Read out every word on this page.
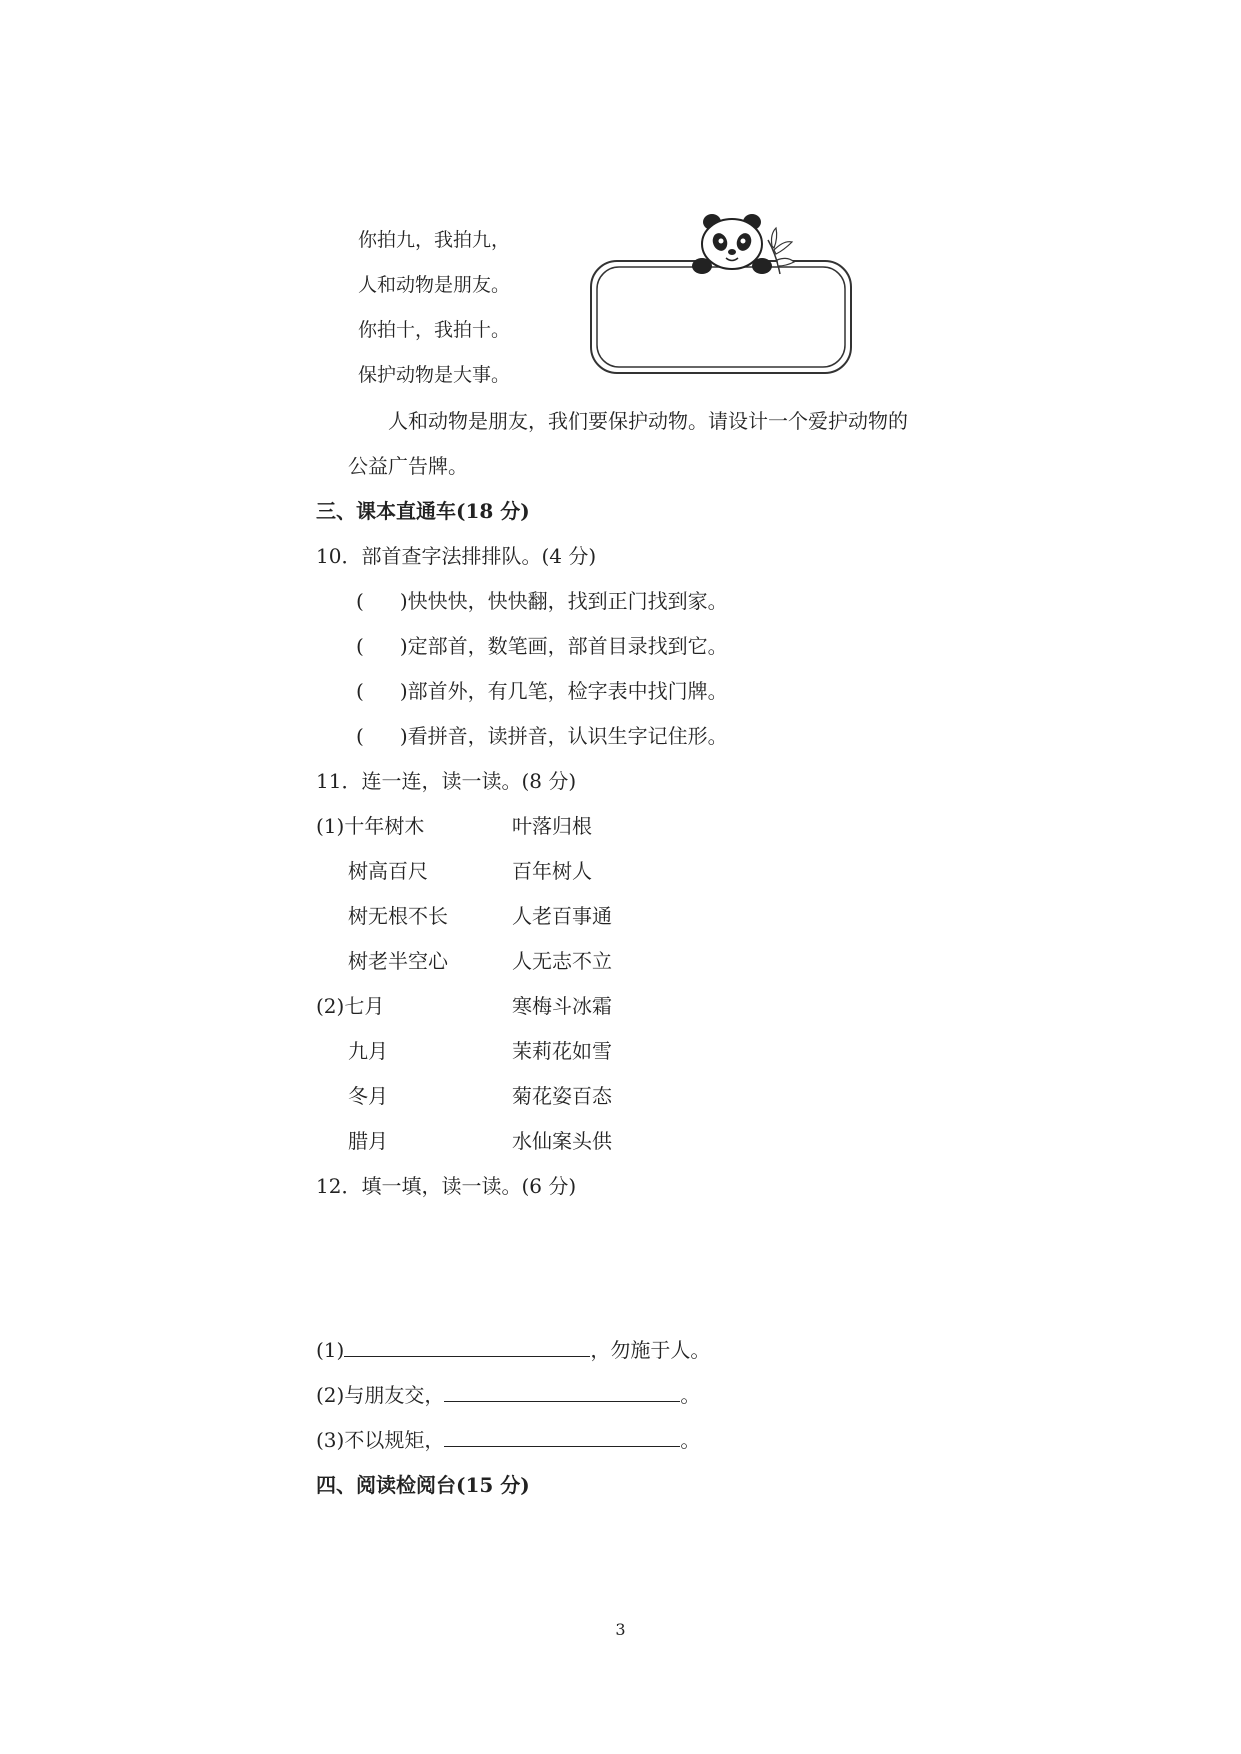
你拍九，我拍九，
人和动物是朋友。
你拍十，我拍十。
保护动物是大事。
人和动物是朋友，我们要保护动物。请设计一个爱护动物的
公益广告牌。
三、课本直通车(18 分)
10．部首查字法排排队。(4 分)
( )快快快，快快翻，找到正门找到家。
( )定部首，数笔画，部首目录找到它。
( )部首外，有几笔，检字表中找门牌。
( )看拼音，读拼音，认识生字记住形。
11．连一连，读一读。(8 分)
(1)十年树木	叶落归根
树高百尺	百年树人
树无根不长	人老百事通
树老半空心	人无志不立
(2)七月	寒梅斗冰霜
九月	茉莉花如雪
冬月	菊花姿百态
腊月	水仙案头供
12．填一填，读一读。(6 分)
(1)	，勿施于人。
(2)与朋友交，	。
(3)不以规矩，	。
四、阅读检阅台(15 分)
3
